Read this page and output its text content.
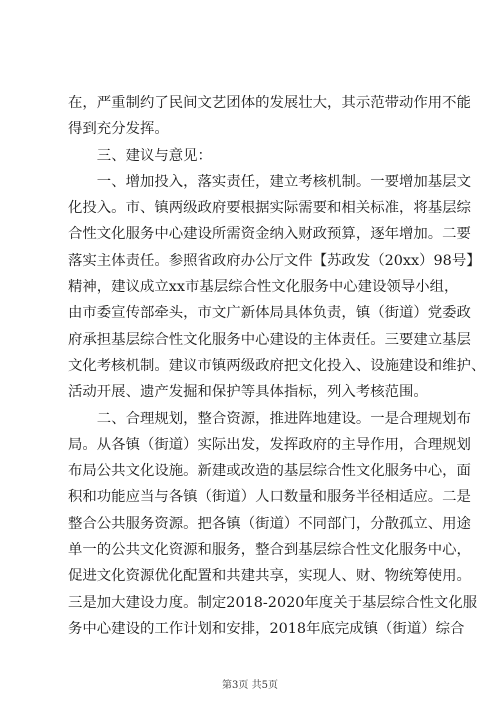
在，严重制约了民间文艺团体的发展壮大，其示范带动作用不能
得到充分发挥。
三、建议与意见：
一、增加投入，落实责任，建立考核机制。一要增加基层文
化投入。市、镇两级政府要根据实际需要和相关标准，将基层综
合性文化服务中心建设所需资金纳入财政预算，逐年增加。二要
落实主体责任。参照省政府办公厅文件【苏政发（20xx）98号】
精神，建议成立xx市基层综合性文化服务中心建设领导小组，
由市委宣传部牵头，市文广新体局具体负责，镇（街道）党委政
府承担基层综合性文化服务中心建设的主体责任。三要建立基层
文化考核机制。建议市镇两级政府把文化投入、设施建设和维护、
活动开展、遗产发掘和保护等具体指标，列入考核范围。
二、合理规划，整合资源，推进阵地建设。一是合理规划布
局。从各镇（街道）实际出发，发挥政府的主导作用，合理规划
布局公共文化设施。新建或改造的基层综合性文化服务中心，面
积和功能应当与各镇（街道）人口数量和服务半径相适应。二是
整合公共服务资源。把各镇（街道）不同部门，分散孤立、用途
单一的公共文化资源和服务，整合到基层综合性文化服务中心，
促进文化资源优化配置和共建共享，实现人、财、物统筹使用。
三是加大建设力度。制定2018-2020年度关于基层综合性文化服
务中心建设的工作计划和安排，2018年底完成镇（街道）综合
第3页 共5页
